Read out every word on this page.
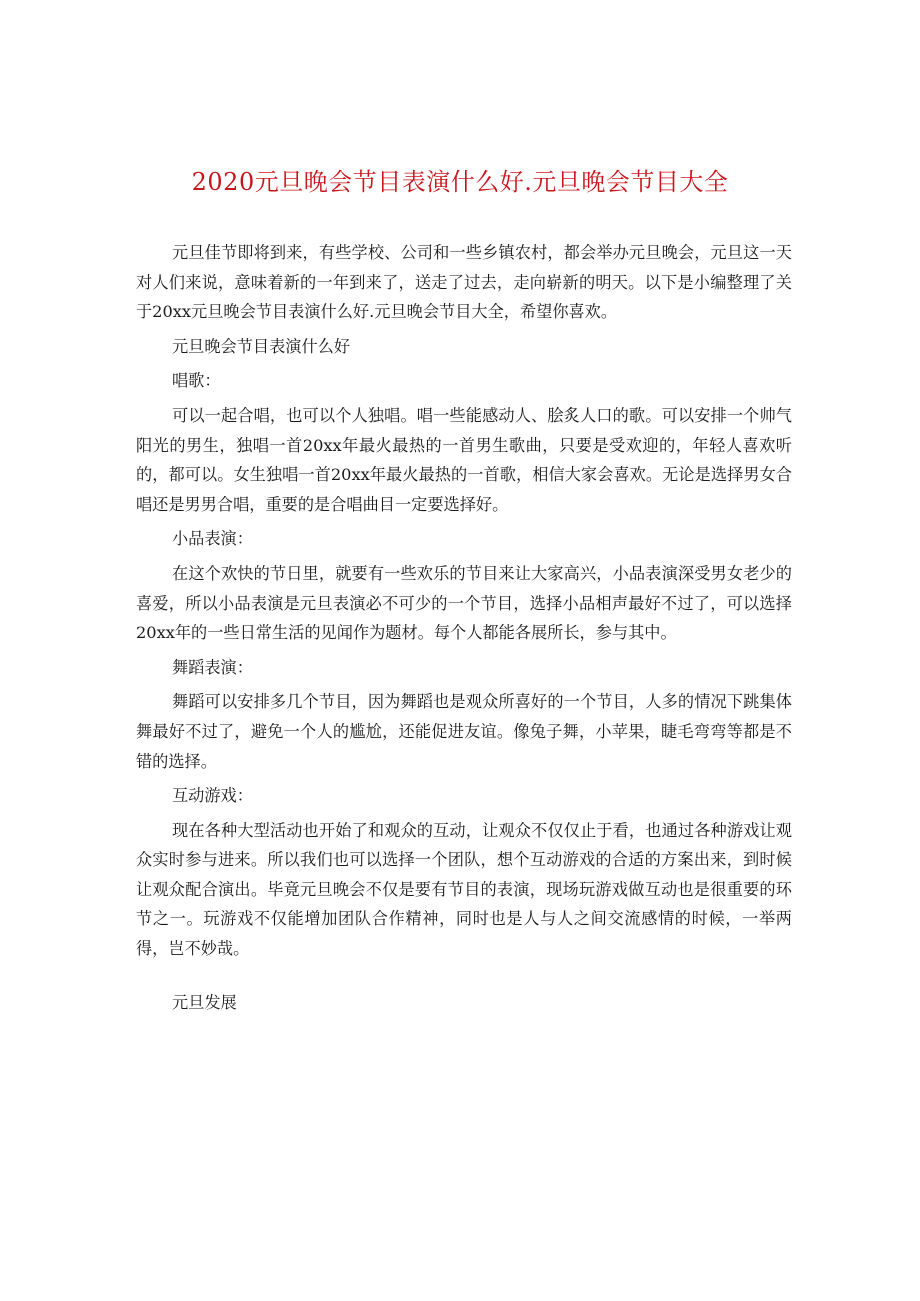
2020元旦晚会节目表演什么好.元旦晚会节目大全

元旦佳节即将到来，有些学校、公司和一些乡镇农村，都会举办元旦晚会，元旦这一天对人们来说，意味着新的一年到来了，送走了过去，走向崭新的明天。以下是小编整理了关于20xx元旦晚会节目表演什么好.元旦晚会节目大全，希望你喜欢。

元旦晚会节目表演什么好

唱歌：

可以一起合唱，也可以个人独唱。唱一些能感动人、脍炙人口的歌。可以安排一个帅气阳光的男生，独唱一首20xx年最火最热的一首男生歌曲，只要是受欢迎的，年轻人喜欢听的，都可以。女生独唱一首20xx年最火最热的一首歌，相信大家会喜欢。无论是选择男女合唱还是男男合唱，重要的是合唱曲目一定要选择好。

小品表演：

在这个欢快的节日里，就要有一些欢乐的节目来让大家高兴，小品表演深受男女老少的喜爱，所以小品表演是元旦表演必不可少的一个节目，选择小品相声最好不过了，可以选择20xx年的一些日常生活的见闻作为题材。每个人都能各展所长，参与其中。

舞蹈表演：

舞蹈可以安排多几个节目，因为舞蹈也是观众所喜好的一个节目，人多的情况下跳集体舞最好不过了，避免一个人的尴尬，还能促进友谊。像兔子舞，小苹果，睫毛弯弯等都是不错的选择。

互动游戏：

现在各种大型活动也开始了和观众的互动，让观众不仅仅止于看，也通过各种游戏让观众实时参与进来。所以我们也可以选择一个团队，想个互动游戏的合适的方案出来，到时候让观众配合演出。毕竟元旦晚会不仅是要有节目的表演，现场玩游戏做互动也是很重要的环节之一。玩游戏不仅能增加团队合作精神，同时也是人与人之间交流感情的时候，一举两得，岂不妙哉。

元旦发展
